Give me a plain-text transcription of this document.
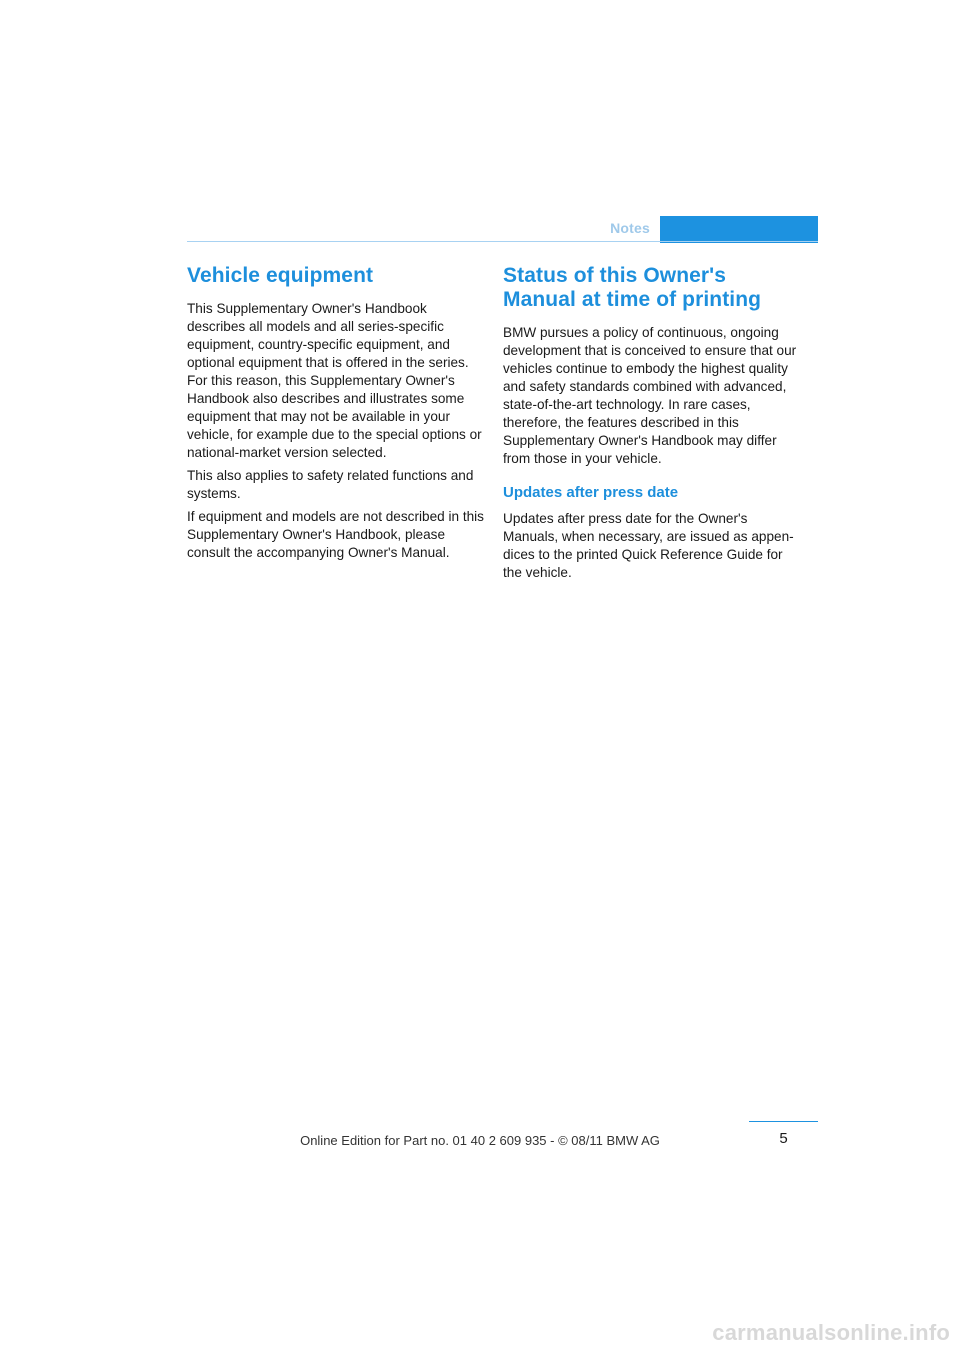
Notes
Vehicle equipment

This Supplementary Owner's Handbook describes all models and all series-specific equipment, country-specific equipment, and optional equipment that is offered in the series. For this reason, this Supplementary Owner's Handbook also describes and illustrates some equipment that may not be available in your vehicle, for example due to the special options or national-market version selected.

This also applies to safety related functions and systems.

If equipment and models are not described in this Supplementary Owner's Handbook, please consult the accompanying Owner's Manual.

Status of this Owner's Manual at time of printing

BMW pursues a policy of continuous, ongoing development that is conceived to ensure that our vehicles continue to embody the highest quality and safety standards combined with advanced, state-of-the-art technology. In rare cases, therefore, the features described in this Supplementary Owner's Handbook may differ from those in your vehicle.

Updates after press date

Updates after press date for the Owner's Manuals, when necessary, are issued as appen-dices to the printed Quick Reference Guide for the vehicle.

5
Online Edition for Part no. 01 40 2 609 935 - © 08/11 BMW AG
carmanualsonline.info
